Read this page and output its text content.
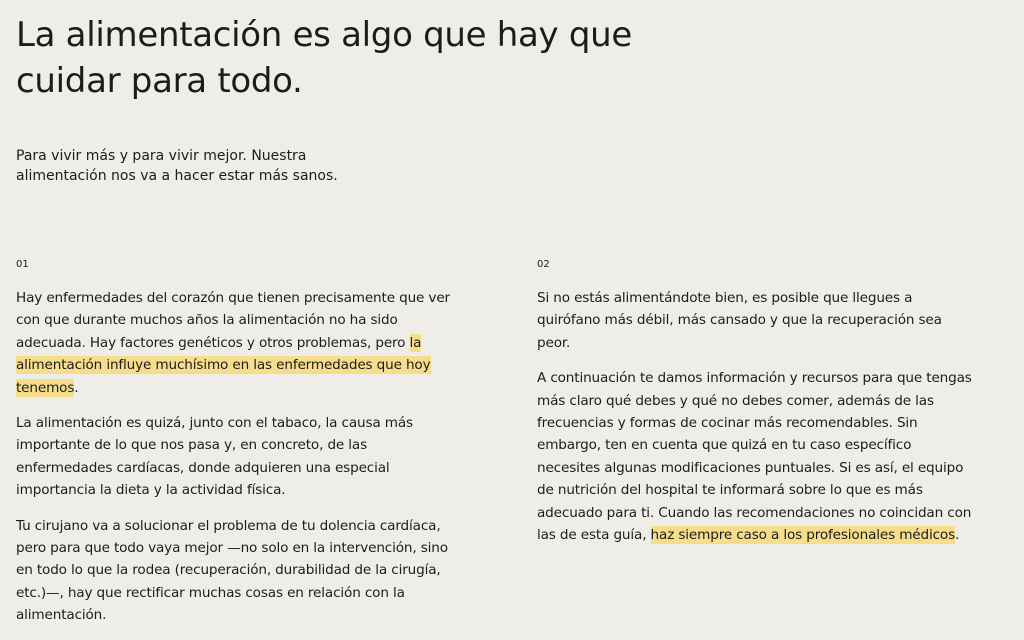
La alimentación es algo que hay que
cuidar para todo.

Para vivir más y para vivir mejor. Nuestra
alimentación nos va a hacer estar más sanos.

01

Hay enfermedades del corazón que tienen precisamente que ver con que durante muchos años la alimentación no ha sido adecuada. Hay factores genéticos y otros problemas, pero la alimentación influye muchísimo en las enfermedades que hoy tenemos.

La alimentación es quizá, junto con el tabaco, la causa más importante de lo que nos pasa y, en concreto, de las enfermedades cardíacas, donde adquieren una especial importancia la dieta y la actividad física.

Tu cirujano va a solucionar el problema de tu dolencia cardíaca, pero para que todo vaya mejor —no solo en la intervención, sino en todo lo que la rodea (recuperación, durabilidad de la cirugía, etc.)—, hay que rectificar muchas cosas en relación con la alimentación.

02

Si no estás alimentándote bien, es posible que llegues a quirófano más débil, más cansado y que la recuperación sea peor.

A continuación te damos información y recursos para que tengas más claro qué debes y qué no debes comer, además de las frecuencias y formas de cocinar más recomendables. Sin embargo, ten en cuenta que quizá en tu caso específico necesites algunas modificaciones puntuales. Si es así, el equipo de nutrición del hospital te informará sobre lo que es más adecuado para ti. Cuando las recomendaciones no coincidan con las de esta guía, haz siempre caso a los profesionales médicos.
